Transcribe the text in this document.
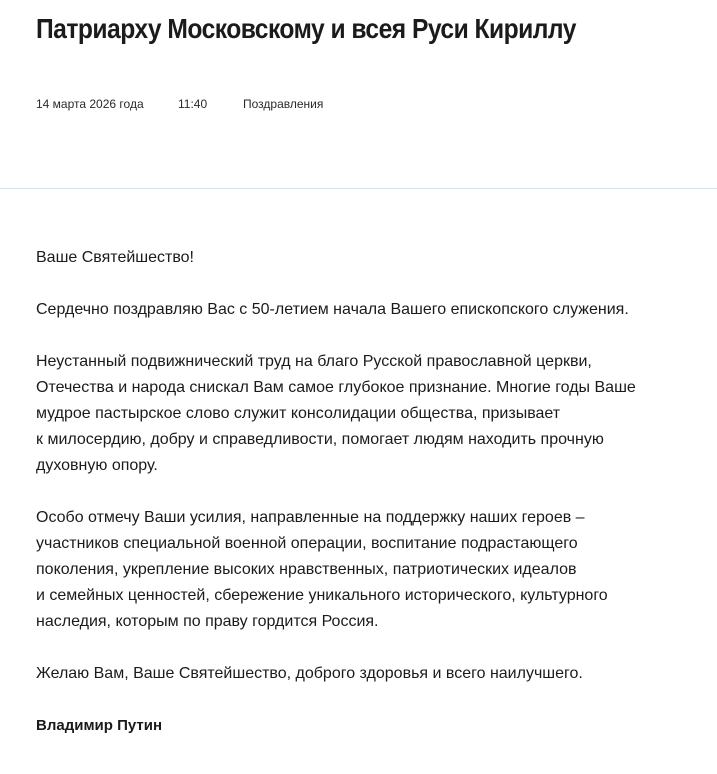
Патриарху Московскому и всея Руси Кириллу
14 марта 2026 года	11:40	Поздравления

Ваше Святейшество!

Сердечно поздравляю Вас с 50-летием начала Вашего епископского служения.

Неустанный подвижнический труд на благо Русской православной церкви,
Отечества и народа снискал Вам самое глубокое признание. Многие годы Ваше
мудрое пастырское слово служит консолидации общества, призывает
к милосердию, добру и справедливости, помогает людям находить прочную
духовную опору.

Особо отмечу Ваши усилия, направленные на поддержку наших героев –
участников специальной военной операции, воспитание подрастающего
поколения, укрепление высоких нравственных, патриотических идеалов
и семейных ценностей, сбережение уникального исторического, культурного
наследия, которым по праву гордится Россия.

Желаю Вам, Ваше Святейшество, доброго здоровья и всего наилучшего.

Владимир Путин
